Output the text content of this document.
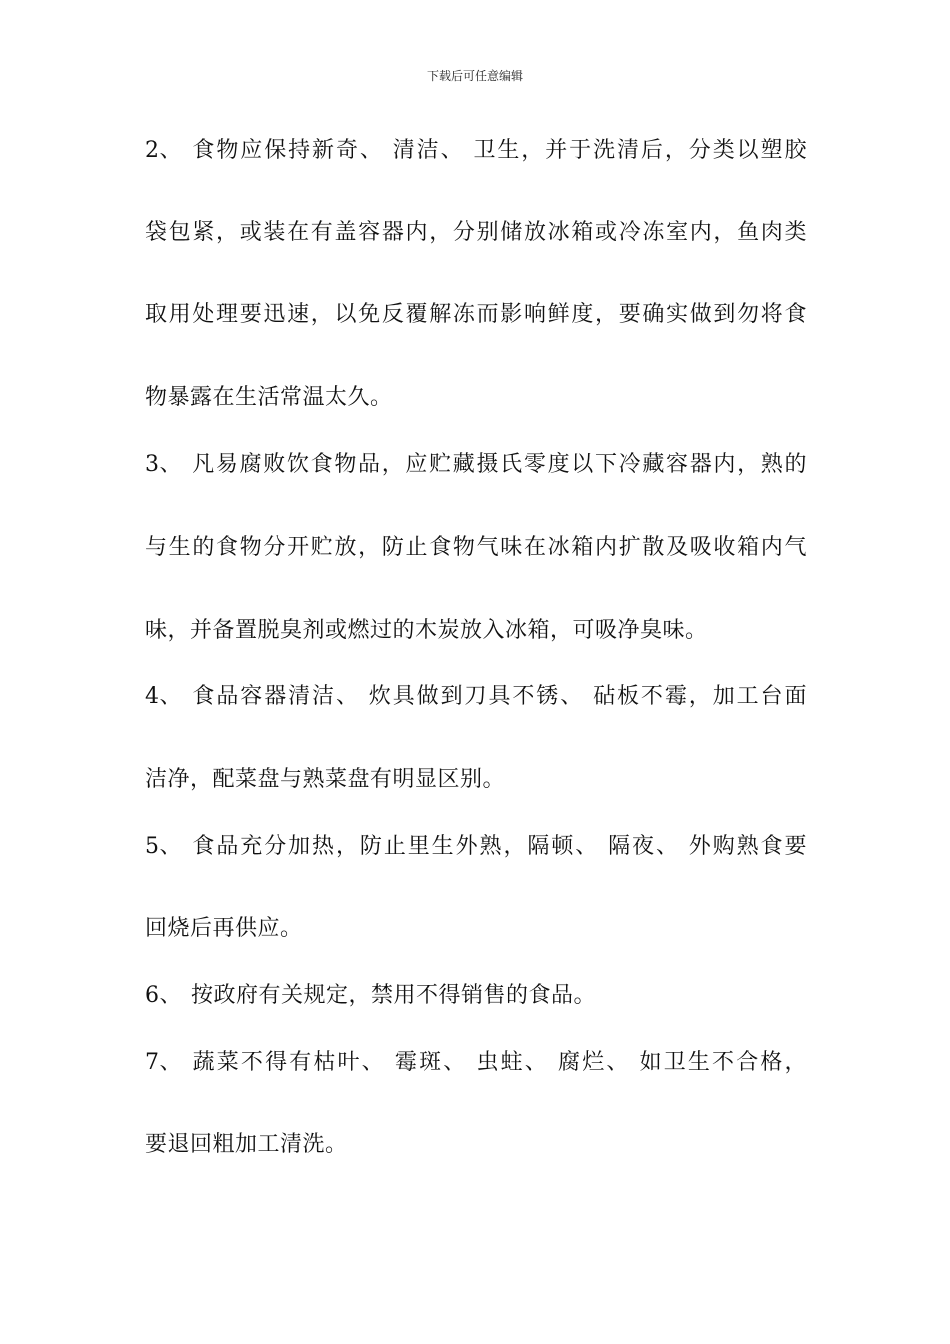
下载后可任意编辑
2、 食物应保持新奇、 清洁、 卫生，并于洗清后，分类以塑胶
袋包紧，或装在有盖容器内，分别储放冰箱或冷冻室内，鱼肉类
取用处理要迅速，以免反覆解冻而影响鲜度，要确实做到勿将食
物暴露在生活常温太久。
3、 凡易腐败饮食物品，应贮藏摄氏零度以下冷藏容器内，熟的
与生的食物分开贮放，防止食物气味在冰箱内扩散及吸收箱内气
味，并备置脱臭剂或燃过的木炭放入冰箱，可吸净臭味。
4、 食品容器清洁、 炊具做到刀具不锈、 砧板不霉，加工台面
洁净，配菜盘与熟菜盘有明显区别。
5、 食品充分加热，防止里生外熟，隔顿、 隔夜、 外购熟食要
回烧后再供应。
6、 按政府有关规定，禁用不得销售的食品。
7、 蔬菜不得有枯叶、 霉斑、 虫蛀、 腐烂、 如卫生不合格，
要退回粗加工清洗。
